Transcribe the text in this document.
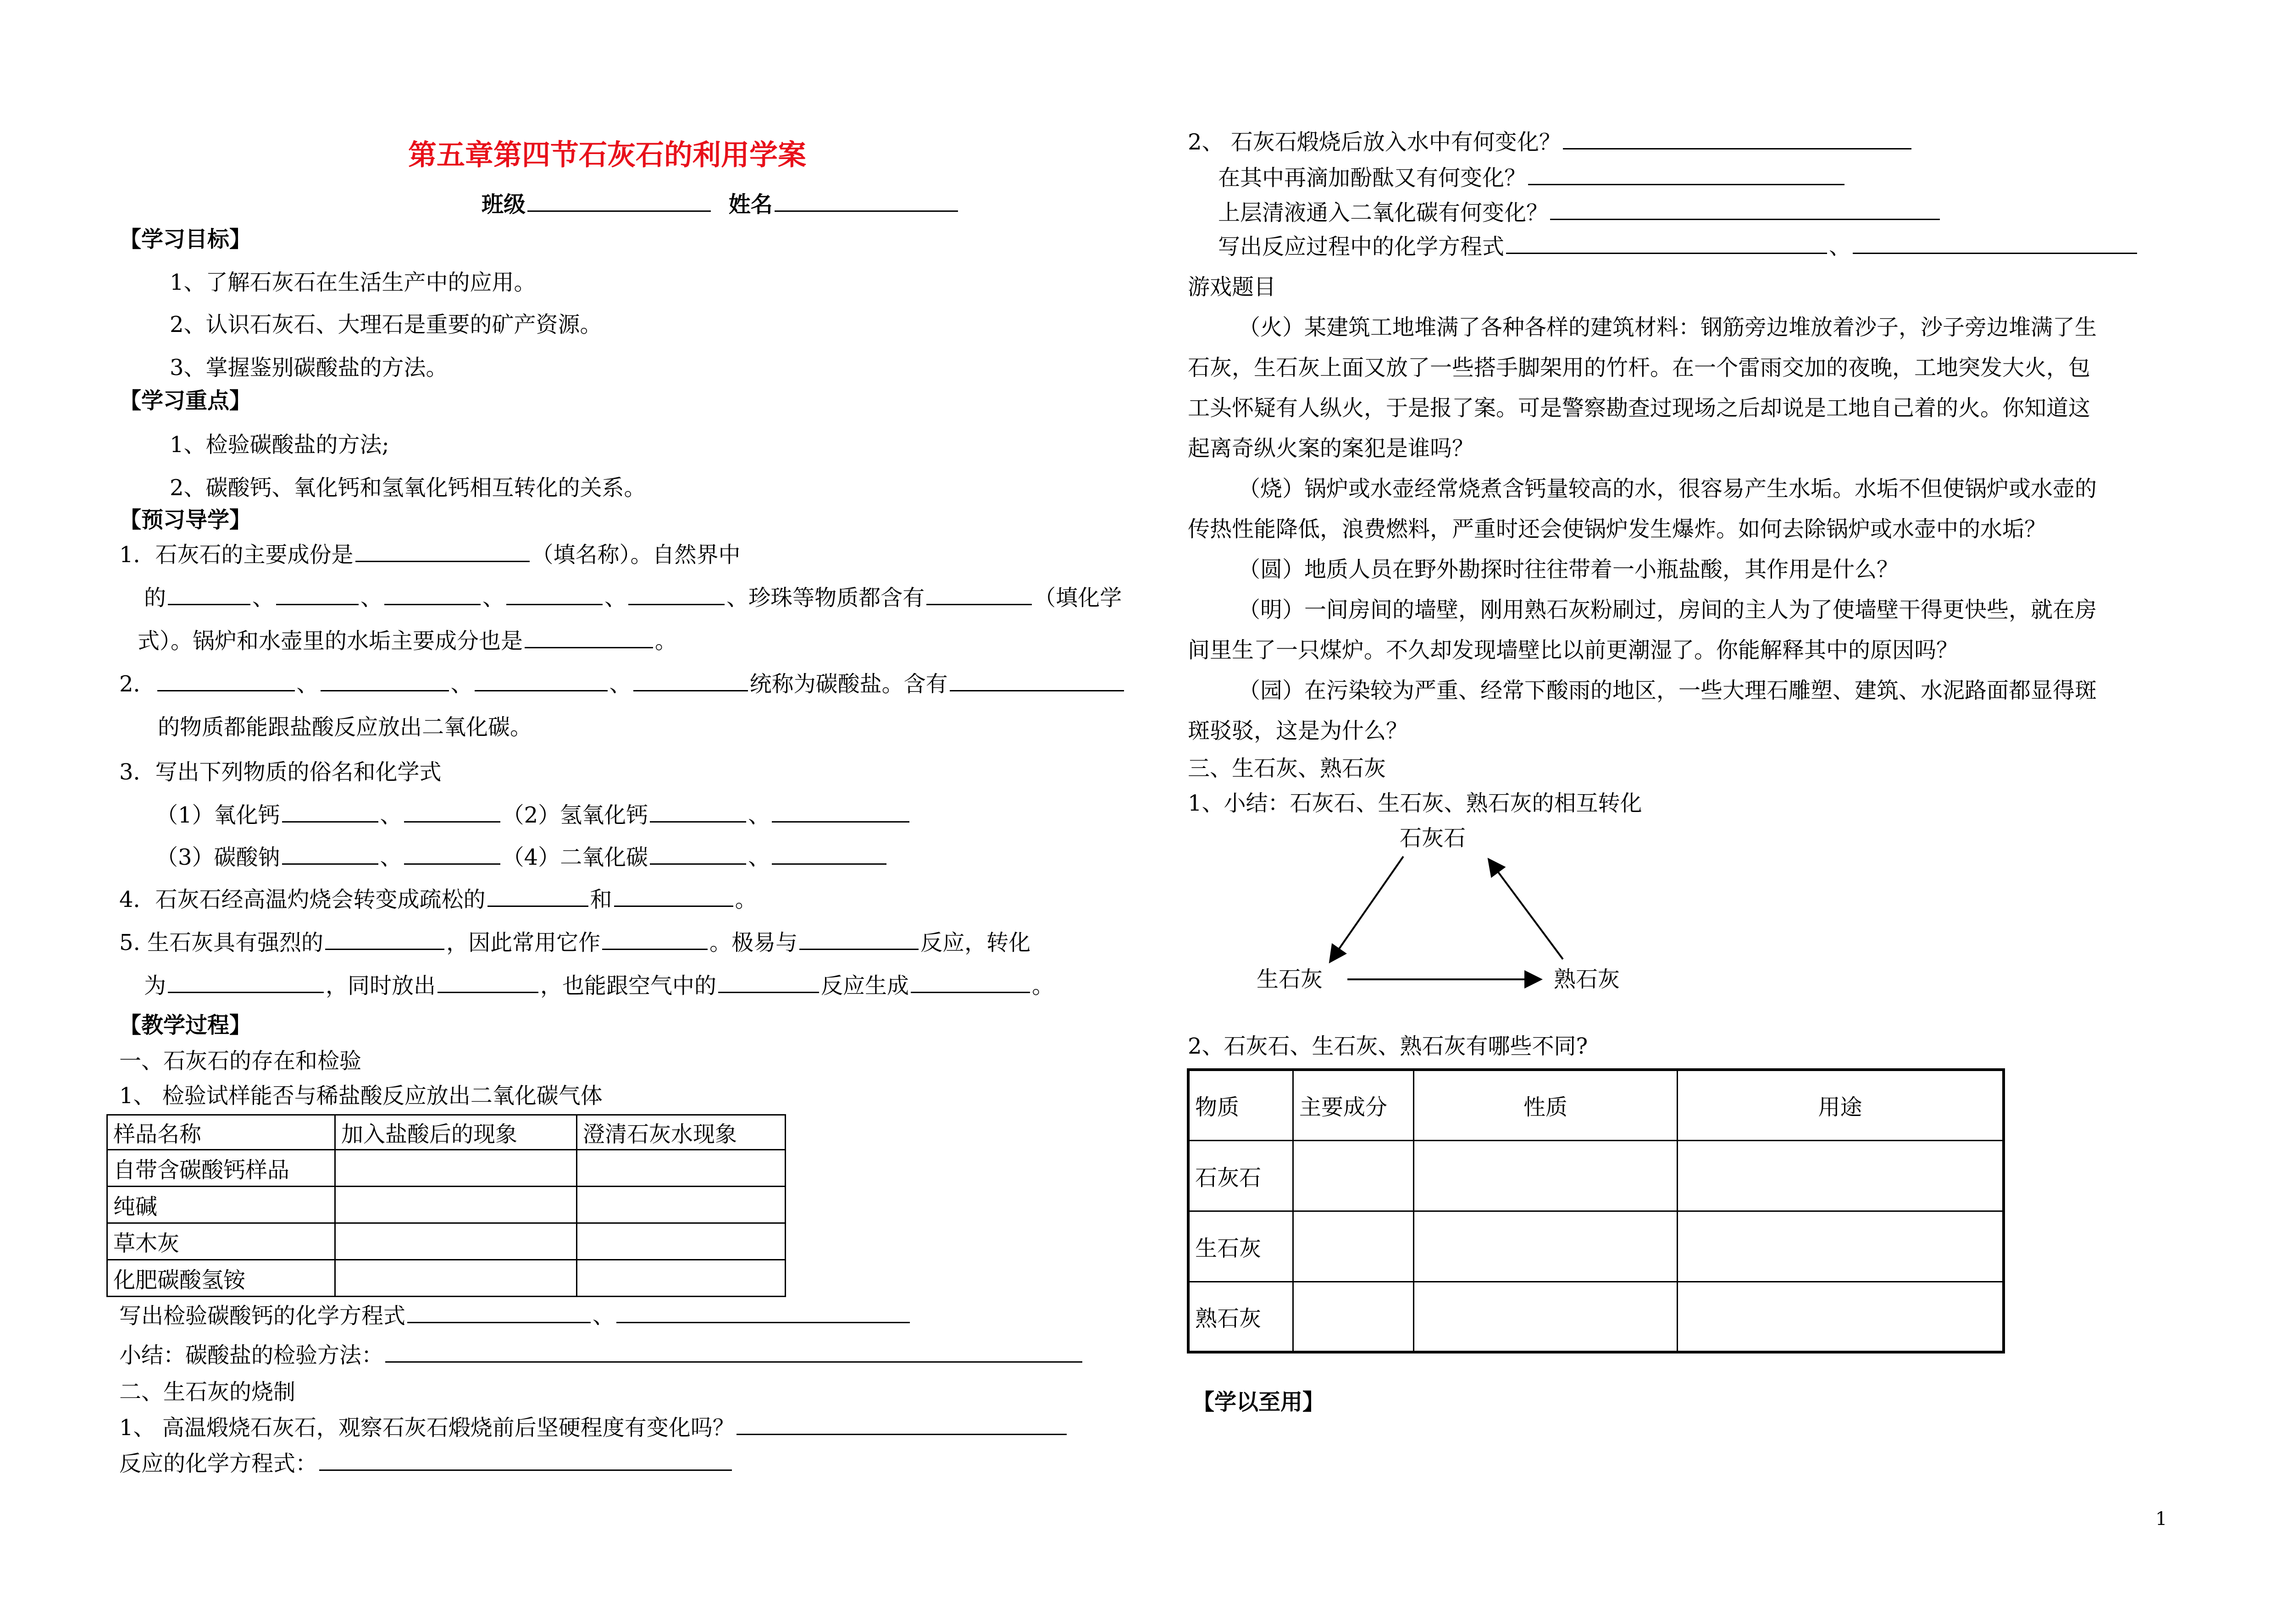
第五章第四节石灰石的利用学案
班级	姓名
【学习目标】
1、了解石灰石在生活生产中的应用。
2、认识石灰石、大理石是重要的矿产资源。
3、掌握鉴别碳酸盐的方法。
【学习重点】
1、检验碳酸盐的方法;
2、碳酸钙、氧化钙和氢氧化钙相互转化的关系。
【预习导学】
1．石灰石的主要成份是	（填名称）。自然界中
的	、	、	、	、	、珍珠等物质都含有	（填化学
式）。锅炉和水壶里的水垢主要成分也是	。
2．	、	、	、	统称为碳酸盐。含有
的物质都能跟盐酸反应放出二氧化碳。
3．写出下列物质的俗名和化学式
（1）氧化钙	、	（2）氢氧化钙	、
（3）碳酸钠	、	（4）二氧化碳	、
4．石灰石经高温灼烧会转变成疏松的	和	。
5. 生石灰具有强烈的	，因此常用它作	。极易与	反应，转化
为	，同时放出	，也能跟空气中的	反应生成	。
【教学过程】
一、石灰石的存在和检验
1、 检验试样能否与稀盐酸反应放出二氧化碳气体
样品名称	加入盐酸后的现象	澄清石灰水现象
自带含碳酸钙样品		
纯碱		
草木灰		
化肥碳酸氢铵		
写出检验碳酸钙的化学方程式	、
小结：碳酸盐的检验方法：
二、生石灰的烧制
1、 高温煅烧石灰石，观察石灰石煅烧前后坚硬程度有变化吗？
反应的化学方程式：
2、 石灰石煅烧后放入水中有何变化？
在其中再滴加酚酞又有何变化？
上层清液通入二氧化碳有何变化？
写出反应过程中的化学方程式	、
游戏题目
（火）某建筑工地堆满了各种各样的建筑材料：钢筋旁边堆放着沙子，沙子旁边堆满了生
石灰，生石灰上面又放了一些搭手脚架用的竹杆。在一个雷雨交加的夜晚，工地突发大火，包
工头怀疑有人纵火，于是报了案。可是警察勘查过现场之后却说是工地自己着的火。你知道这
起离奇纵火案的案犯是谁吗？
（烧）锅炉或水壶经常烧煮含钙量较高的水，很容易产生水垢。水垢不但使锅炉或水壶的
传热性能降低，浪费燃料，严重时还会使锅炉发生爆炸。如何去除锅炉或水壶中的水垢？
（圆）地质人员在野外勘探时往往带着一小瓶盐酸，其作用是什么？
（明）一间房间的墙壁，刚用熟石灰粉刷过，房间的主人为了使墙壁干得更快些，就在房
间里生了一只煤炉。不久却发现墙壁比以前更潮湿了。你能解释其中的原因吗？
（园）在污染较为严重、经常下酸雨的地区，一些大理石雕塑、建筑、水泥路面都显得斑
斑驳驳，这是为什么？
三、生石灰、熟石灰
1、小结：石灰石、生石灰、熟石灰的相互转化
石灰石
生石灰	熟石灰
2、石灰石、生石灰、熟石灰有哪些不同?
物质	主要成分	性质	用途
石灰石			
生石灰			
熟石灰			
【学以至用】
1
